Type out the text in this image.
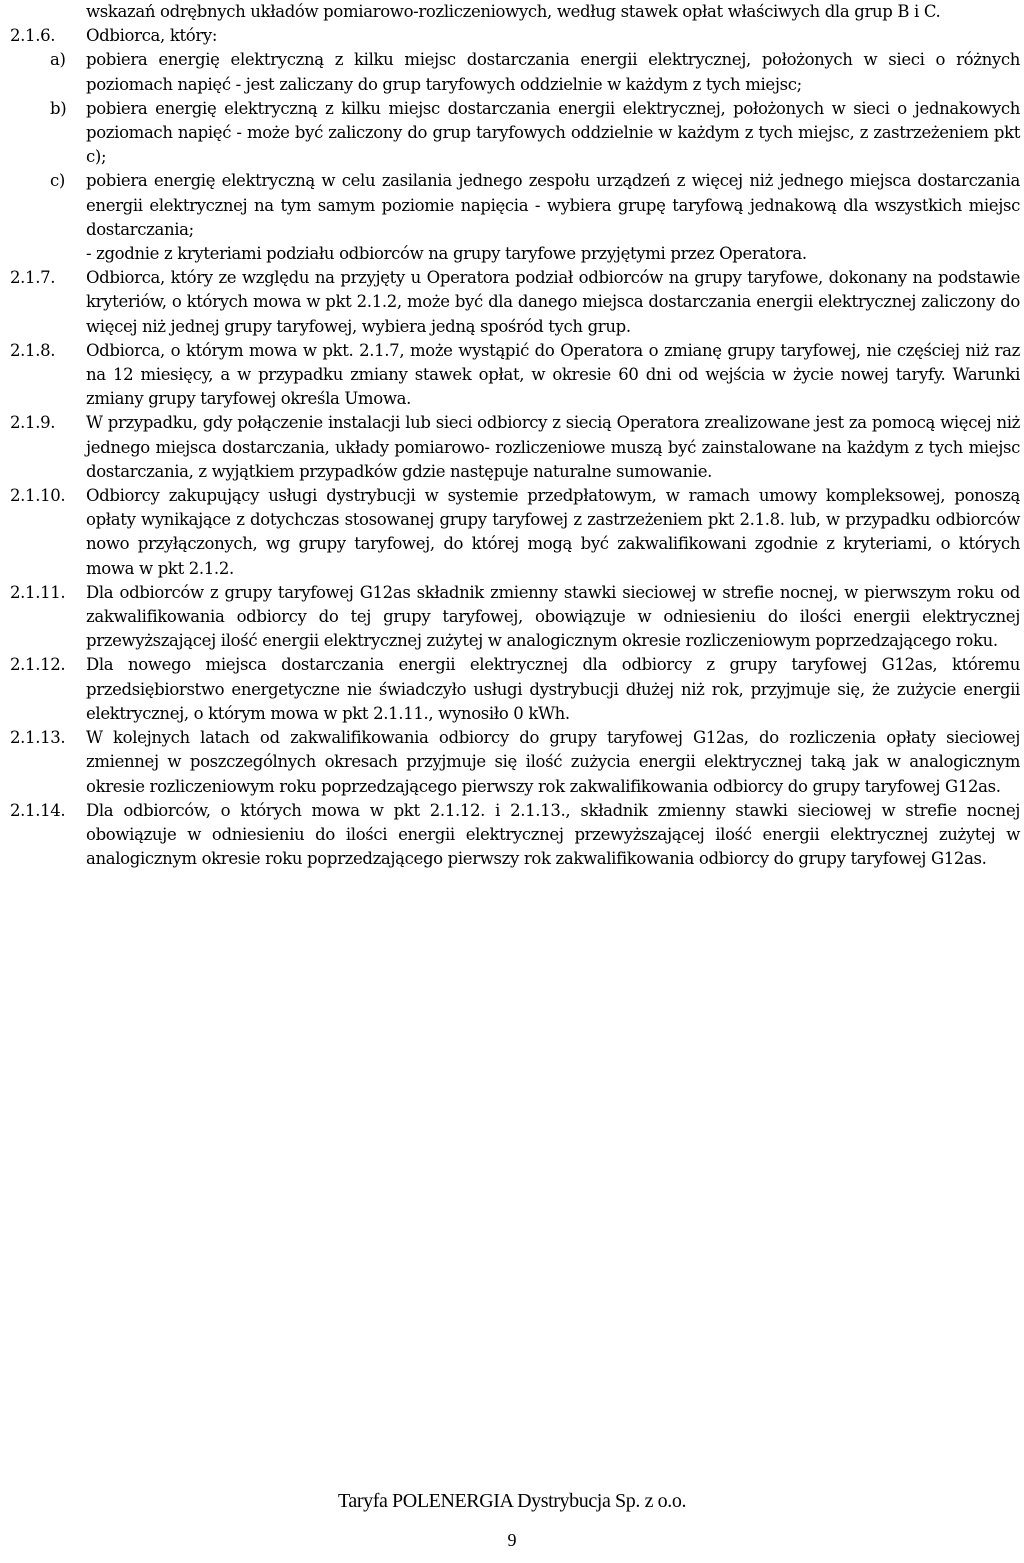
wskazań odrębnych układów pomiarowo-rozliczeniowych, według stawek opłat właściwych dla grup B i C.
2.1.6.	Odbiorca, który:
a)	pobiera energię elektryczną z kilku miejsc dostarczania energii elektrycznej, położonych w sieci o różnych poziomach napięć - jest zaliczany do grup taryfowych oddzielnie w każdym z tych miejsc;
b)	pobiera energię elektryczną z kilku miejsc dostarczania energii elektrycznej, położonych w sieci o jednakowych poziomach napięć - może być zaliczony do grup taryfowych oddzielnie w każdym z tych miejsc, z zastrzeżeniem pkt c);
c)	pobiera energię elektryczną w celu zasilania jednego zespołu urządzeń z więcej niż jednego miejsca dostarczania energii elektrycznej na tym samym poziomie napięcia - wybiera grupę taryfową jednakową dla wszystkich miejsc dostarczania;
- zgodnie z kryteriami podziału odbiorców na grupy taryfowe przyjętymi przez Operatora.
2.1.7.	Odbiorca, który ze względu na przyjęty u Operatora podział odbiorców na grupy taryfowe, dokonany na podstawie kryteriów, o których mowa w pkt 2.1.2, może być dla danego miejsca dostarczania energii elektrycznej zaliczony do więcej niż jednej grupy taryfowej, wybiera jedną spośród tych grup.
2.1.8.	Odbiorca, o którym mowa w pkt. 2.1.7, może wystąpić do Operatora o zmianę grupy taryfowej, nie częściej niż raz na 12 miesięcy, a w przypadku zmiany stawek opłat, w okresie 60 dni od wejścia w życie nowej taryfy. Warunki zmiany grupy taryfowej określa Umowa.
2.1.9.	W przypadku, gdy połączenie instalacji lub sieci odbiorcy z siecią Operatora zrealizowane jest za pomocą więcej niż jednego miejsca dostarczania, układy pomiarowo- rozliczeniowe muszą być zainstalowane na każdym z tych miejsc dostarczania, z wyjątkiem przypadków gdzie następuje naturalne sumowanie.
2.1.10.	Odbiorcy zakupujący usługi dystrybucji w systemie przedpłatowym, w ramach umowy kompleksowej, ponoszą opłaty wynikające z dotychczas stosowanej grupy taryfowej z zastrzeżeniem pkt 2.1.8. lub, w przypadku odbiorców nowo przyłączonych, wg grupy taryfowej, do której mogą być zakwalifikowani zgodnie z kryteriami, o których mowa w pkt 2.1.2.
2.1.11.	Dla odbiorców z grupy taryfowej G12as składnik zmienny stawki sieciowej w strefie nocnej, w pierwszym roku od zakwalifikowania odbiorcy do tej grupy taryfowej, obowiązuje w odniesieniu do ilości energii elektrycznej przewyższającej ilość energii elektrycznej zużytej w analogicznym okresie rozliczeniowym poprzedzającego roku.
2.1.12.	Dla nowego miejsca dostarczania energii elektrycznej dla odbiorcy z grupy taryfowej G12as, któremu przedsiębiorstwo energetyczne nie świadczyło usługi dystrybucji dłużej niż rok, przyjmuje się, że zużycie energii elektrycznej, o którym mowa w pkt 2.1.11., wynosiło 0 kWh.
2.1.13.	W kolejnych latach od zakwalifikowania odbiorcy do grupy taryfowej G12as, do rozliczenia opłaty sieciowej zmiennej w poszczególnych okresach przyjmuje się ilość zużycia energii elektrycznej taką jak w analogicznym okresie rozliczeniowym roku poprzedzającego pierwszy rok zakwalifikowania odbiorcy do grupy taryfowej G12as.
2.1.14.	Dla odbiorców, o których mowa w pkt 2.1.12. i 2.1.13., składnik zmienny stawki sieciowej w strefie nocnej obowiązuje w odniesieniu do ilości energii elektrycznej przewyższającej ilość energii elektrycznej zużytej w analogicznym okresie roku poprzedzającego pierwszy rok zakwalifikowania odbiorcy do grupy taryfowej G12as.
Taryfa POLENERGIA Dystrybucja Sp. z o.o.
9
